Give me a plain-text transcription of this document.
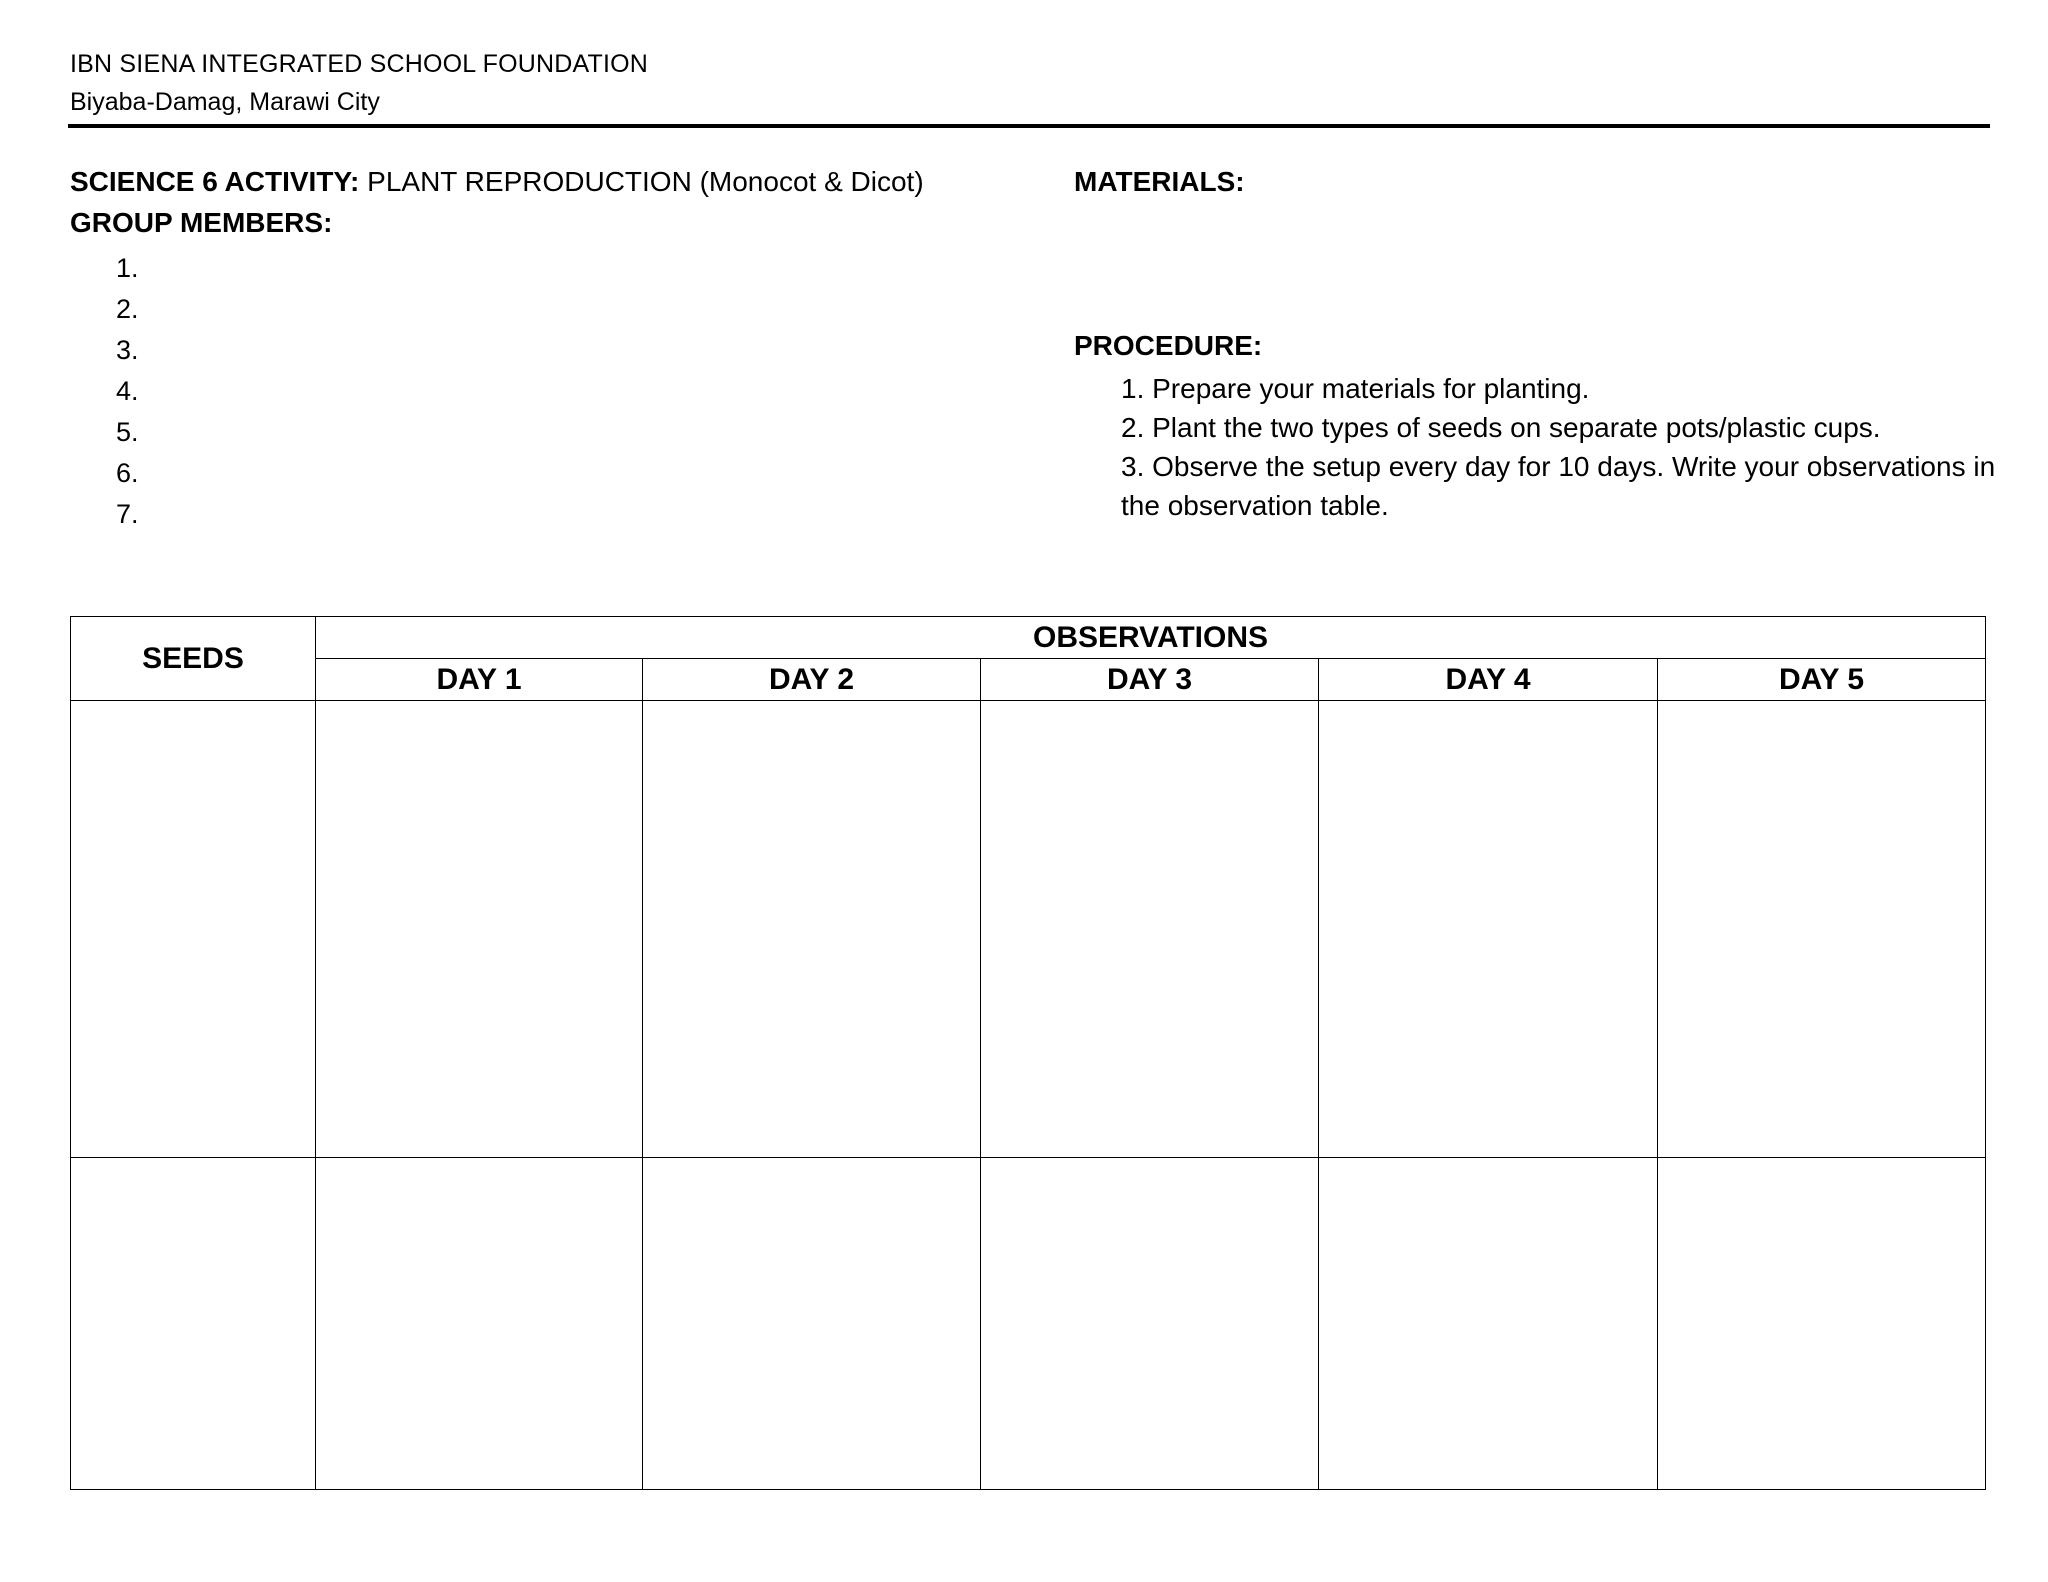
IBN SIENA INTEGRATED SCHOOL FOUNDATION
Biyaba-Damag, Marawi City
SCIENCE 6 ACTIVITY: PLANT REPRODUCTION (Monocot & Dicot)
GROUP MEMBERS:
1.
2.
3.
4.
5.
6.
7.
MATERIALS:
PROCEDURE:
1. Prepare your materials for planting.
2. Plant the two types of seeds on separate pots/plastic cups.
3. Observe the setup every day for 10 days. Write your observations in the observation table.
SEEDS	OBSERVATIONS				
	DAY 1	DAY 2	DAY 3	DAY 4	DAY 5
